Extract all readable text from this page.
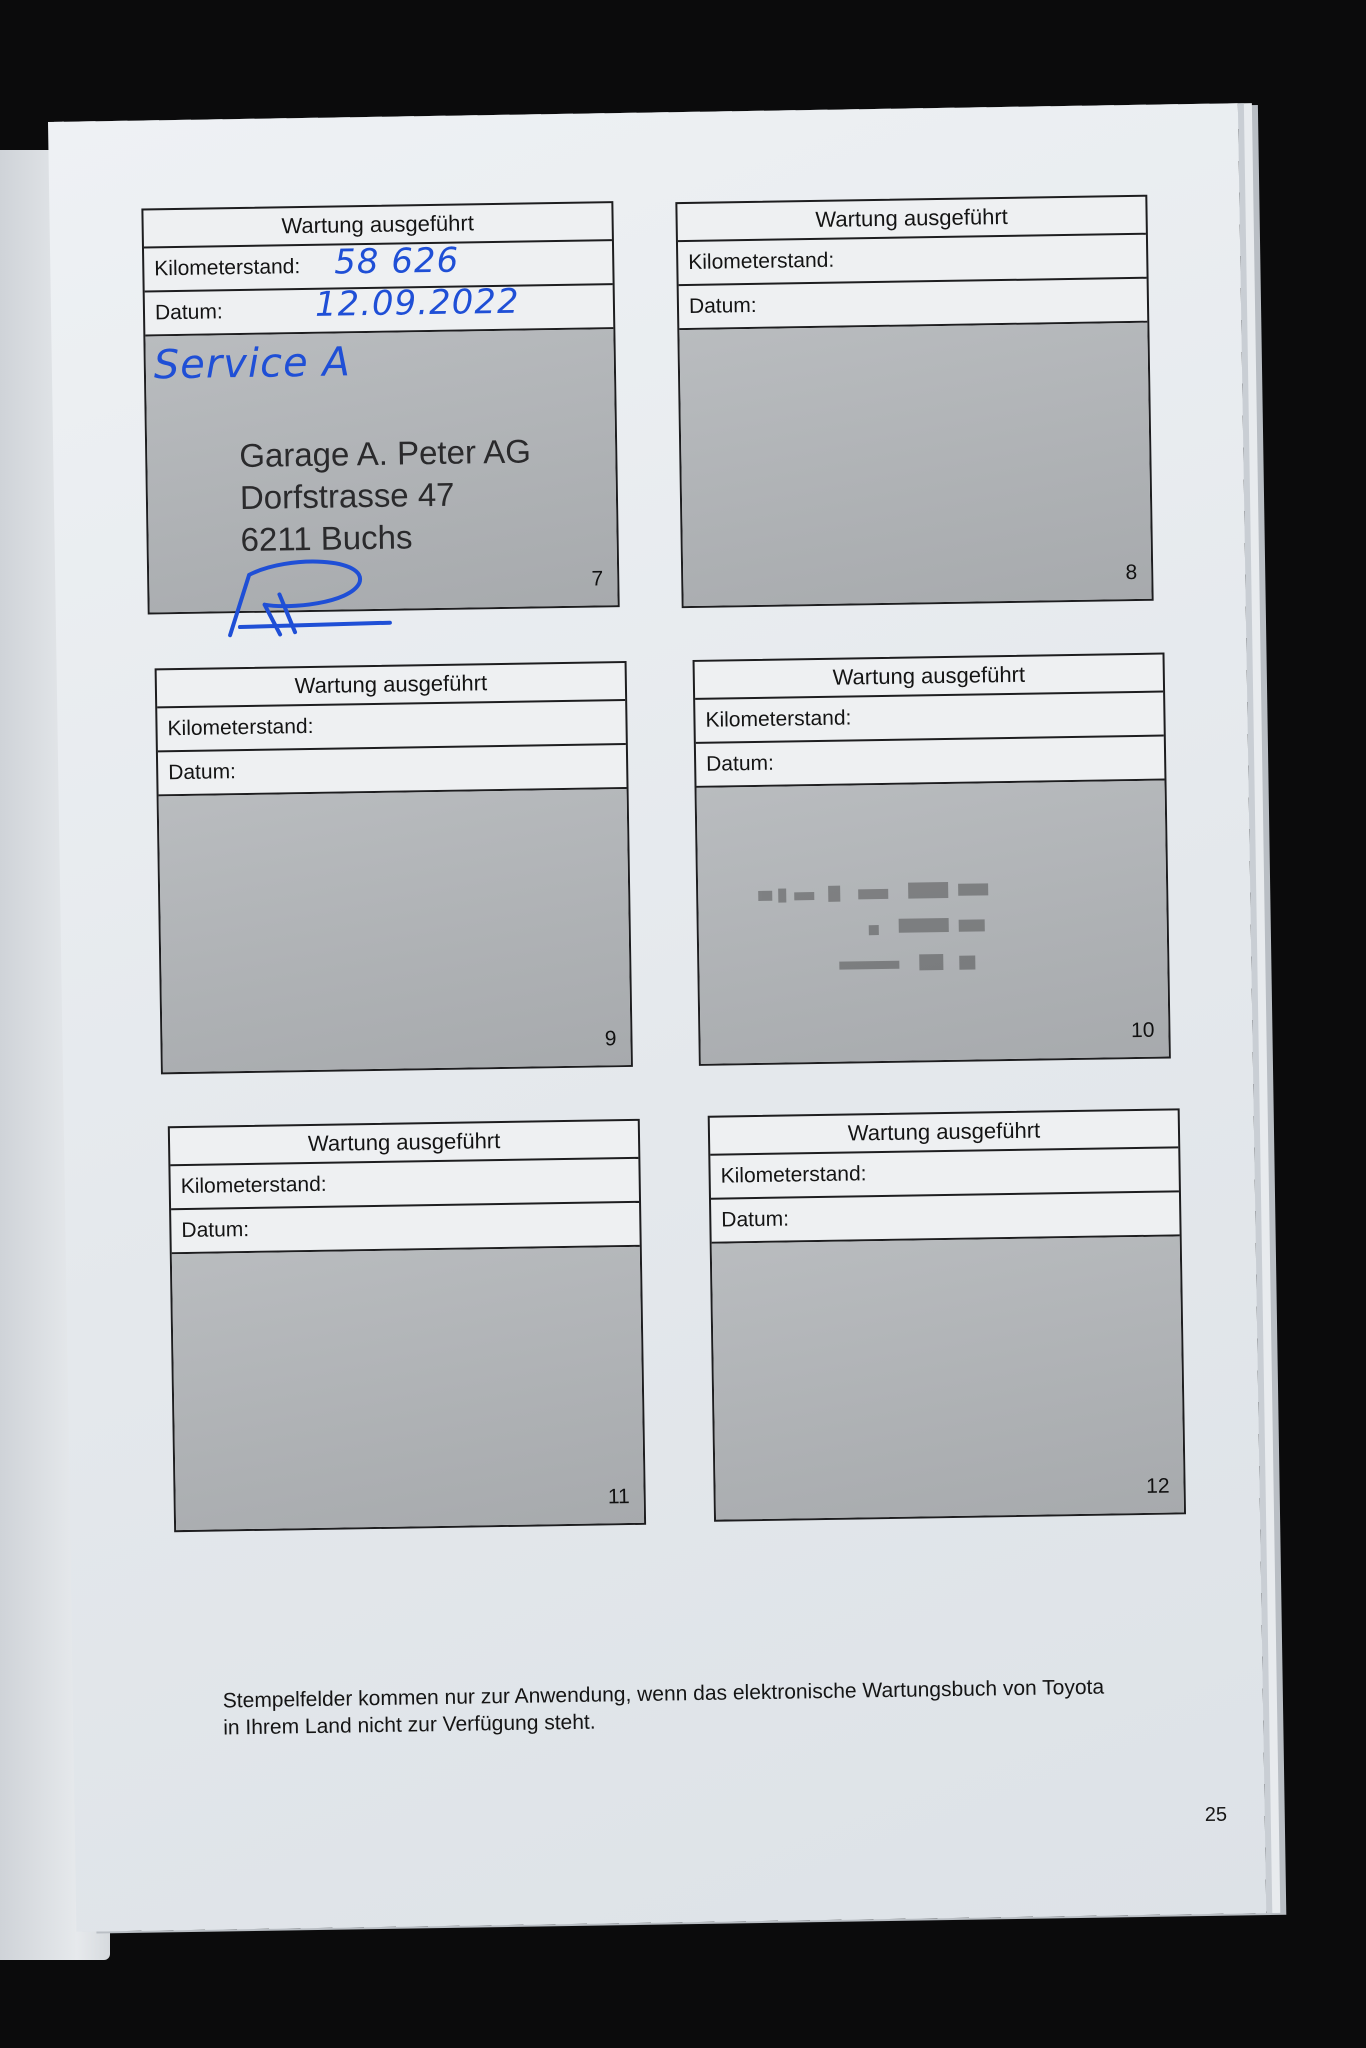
Wartung ausgeführt
Kilometerstand: 58 626
Datum:	12.09.2022
Service A
Garage A. Peter AG
Dorfstrasse 47
6211 Buchs
7
Wartung ausgeführt
Kilometerstand:
Datum:
8
Wartung ausgeführt
Kilometerstand:
Datum:
9
Wartung ausgeführt
Kilometerstand:
Datum:
10
Wartung ausgeführt
Kilometerstand:
Datum:
11
Wartung ausgeführt
Kilometerstand:
Datum:
12
Stempelfelder kommen nur zur Anwendung, wenn das elektronische Wartungsbuch von Toyota in Ihrem Land nicht zur Verfügung steht.
25
